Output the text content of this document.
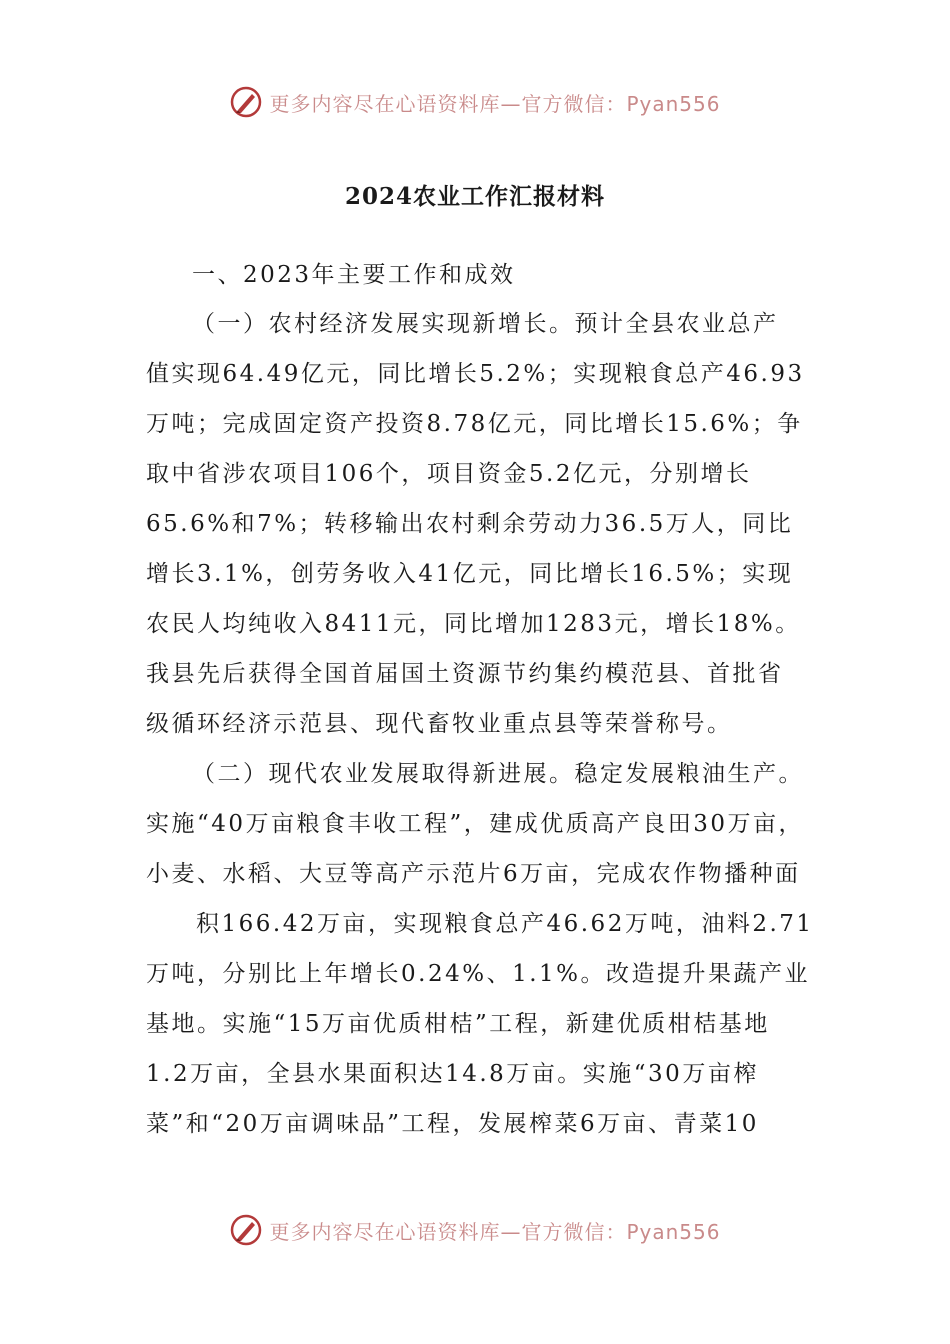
更多内容尽在心语资料库—官方微信：Pyan556
2024农业工作汇报材料
一、2023年主要工作和成效
（一）农村经济发展实现新增长。预计全县农业总产
值实现64.49亿元，同比增长5.2%；实现粮食总产46.93
万吨；完成固定资产投资8.78亿元，同比增长15.6%；争
取中省涉农项目106个，项目资金5.2亿元，分别增长
65.6%和7%；转移输出农村剩余劳动力36.5万人，同比
增长3.1%，创劳务收入41亿元，同比增长16.5%；实现
农民人均纯收入8411元，同比增加1283元，增长18%。
我县先后获得全国首届国土资源节约集约模范县、首批省
级循环经济示范县、现代畜牧业重点县等荣誉称号。
（二）现代农业发展取得新进展。稳定发展粮油生产。
实施“40万亩粮食丰收工程”，建成优质高产良田30万亩，
小麦、水稻、大豆等高产示范片6万亩，完成农作物播种面
积166.42万亩，实现粮食总产46.62万吨，油料2.71
万吨，分别比上年增长0.24%、1.1%。改造提升果蔬产业
基地。实施“15万亩优质柑桔”工程，新建优质柑桔基地
1.2万亩，全县水果面积达14.8万亩。实施“30万亩榨
菜”和“20万亩调味品”工程，发展榨菜6万亩、青菜10
更多内容尽在心语资料库—官方微信：Pyan556
